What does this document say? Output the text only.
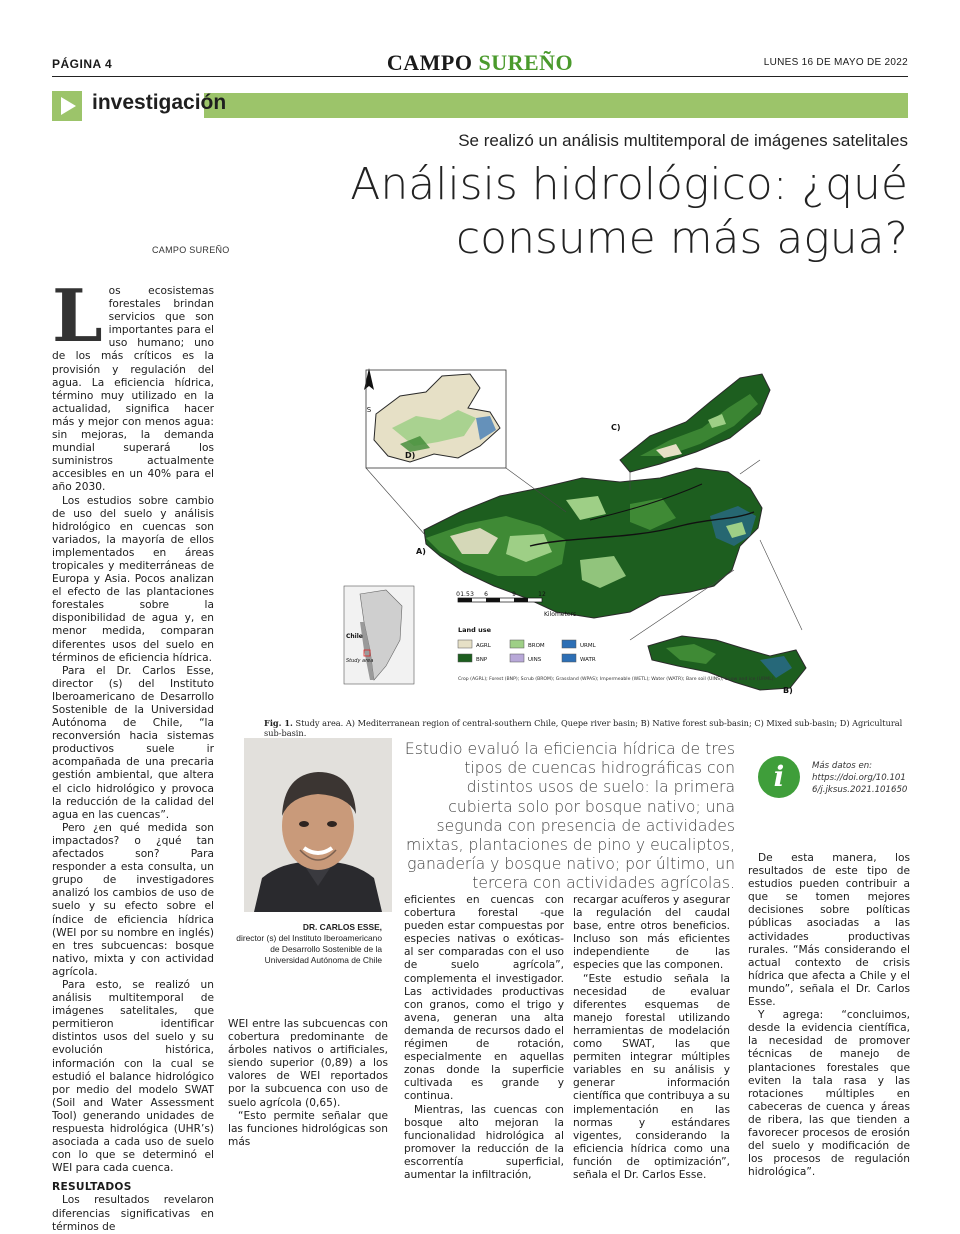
PÁGINA 4	CAMPO SUREÑO	LUNES 16 DE MAYO DE 2022
investigación
Se realizó un análisis multitemporal de imágenes satelitales
Análisis hidrológico: ¿qué consume más agua?
CAMPO SUREÑO

Los ecosistemas forestales brindan servicios que son importantes para el uso humano; uno de los más críticos es la provisión y regulación del agua. La eficiencia hídrica, término muy utilizado en la actualidad, significa hacer más y mejor con menos agua: sin mejoras, la demanda mundial superará los suministros actualmente accesibles en un 40% para el año 2030.

Los estudios sobre cambio de uso del suelo y análisis hidrológico en cuencas son variados, la mayoría de ellos implementados en áreas tropicales y mediterráneas de Europa y Asia. Pocos analizan el efecto de las plantaciones forestales sobre la disponibilidad de agua y, en menor medida, comparan diferentes usos del suelo en términos de eficiencia hídrica.

Para el Dr. Carlos Esse, director (s) del Instituto Iberoamericano de Desarrollo Sostenible de la Universidad Autónoma de Chile, “la reconversión hacia sistemas productivos suele ir acompañada de una precaria gestión ambiental, que altera el ciclo hidrológico y provoca la reducción de la calidad del agua en las cuencas”.

Pero ¿en qué medida son impactados? o ¿qué tan afectados son? Para responder a esta consulta, un grupo de investigadores analizó los cambios de uso de suelo y su efecto sobre el índice de eficiencia hídrica (WEI por su nombre en inglés) en tres subcuencas: bosque nativo, mixta y con actividad agrícola.

Para esto, se realizó un análisis multitemporal de imágenes satelitales, que permitieron identificar distintos usos del suelo y su evolución histórica, información con la cual se estudió el balance hidrológico por medio del modelo SWAT (Soil and Water Assessment Tool) generando unidades de respuesta hidrológica (UHR’s) asociada a cada uso de suelo con lo que se determinó el WEI para cada cuenca.

RESULTADOS

Los resultados revelaron diferencias significativas en términos de

S
D)
C)
A)
B)
Chile
Study area
0 1.5 3 6	9	12
Kilometers
Land use
AGRL	BROM	URML
BNP	UINS	WATR
Crop (AGRL); Forest (BNP); Scrub (BROM); Grassland (WPAS); Impermeable (WETL); Water (WATR); Bare soil (UINS); Snow and ice (URML).
Fig. 1. Study area. A) Mediterranean region of central-southern Chile, Quepe river basin; B) Native forest sub-basin; C) Mixed sub-basin; D) Agricultural sub-basin.
DR. CARLOS ESSE,
director (s) del Instituto Iberoamericano de Desarrollo Sostenible de la Universidad Autónoma de Chile
Estudio evaluó la eficiencia hídrica de tres tipos de cuencas hidrográficas con distintos usos de suelo: la primera cubierta solo por bosque nativo; una segunda con presencia de actividades mixtas, plantaciones de pino y eucaliptos, ganadería y bosque nativo; por último, un tercera con actividades agrícolas.
i	Más datos en:
https://doi.org/10.1016/j.jksus.2021.101650

WEI entre las subcuencas con cobertura predominante de árboles nativos o artificiales, siendo superior (0,89) a los valores de WEI reportados por la subcuenca con uso de suelo agrícola (0,65).

“Esto permite señalar que las funciones hidrológicas son más

eficientes en cuencas con cobertura forestal -que pueden estar compuestas por especies nativas o exóticas- al ser comparadas con el uso de suelo agrícola”, complementa el investigador. Las actividades productivas con granos, como el trigo y avena, generan una alta demanda de recursos dado el régimen de rotación, especialmente en aquellas zonas donde la superficie cultivada es grande y continua.

Mientras, las cuencas con bosque alto mejoran la funcionalidad hidrológica al promover la reducción de la escorrentía superficial, aumentar la infiltración,

recargar acuíferos y asegurar la regulación del caudal base, entre otros beneficios. Incluso son más eficientes independiente de las especies que las componen.

“Este estudio señala la necesidad de evaluar diferentes esquemas de manejo forestal utilizando herramientas de modelación como SWAT, las que permiten integrar múltiples variables en su análisis y generar información científica que contribuya a su implementación en las normas y estándares vigentes, considerando la eficiencia hídrica como una función de optimización”, señala el Dr. Carlos Esse.

De esta manera, los resultados de este tipo de estudios pueden contribuir a que se tomen mejores decisiones sobre políticas públicas asociadas a las actividades productivas rurales. “Más considerando el actual contexto de crisis hídrica que afecta a Chile y el mundo”, señala el Dr. Carlos Esse.

Y agrega: “concluimos, desde la evidencia científica, la necesidad de promover técnicas de manejo de plantaciones forestales que eviten la tala rasa y las rotaciones múltiples en cabeceras de cuenca y áreas de ribera, las que tienden a favorecer procesos de erosión del suelo y modificación de los procesos de regulación hidrológica”.
